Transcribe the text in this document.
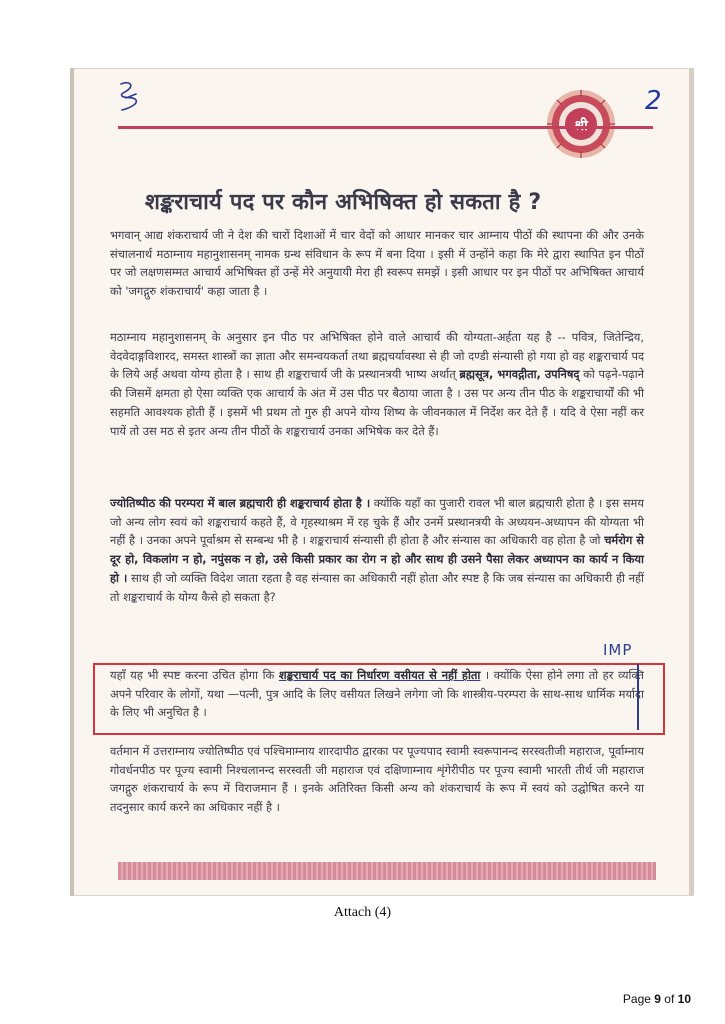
2
शङ्कराचार्य पद पर कौन अभिषिक्त हो सकता है ?
भगवान् आद्य शंकराचार्य जी ने देश की चारों दिशाओं में चार वेदों को आधार मानकर चार आम्नाय पीठों की स्थापना की और उनके संचालनार्थ मठाम्नाय महानुशासनम् नामक ग्रन्थ संविधान के रूप में बना दिया । इसी में उन्होंने कहा कि मेरे द्वारा स्थापित इन पीठों पर जो लक्षणसम्मत आचार्य अभिषिक्त हों उन्हें मेरे अनुयायी मेरा ही स्वरूप समझें । इसी आधार पर इन पीठों पर अभिषिक्त आचार्य को 'जगद्गुरु शंकराचार्य' कहा जाता है ।
मठाम्नाय महानुशासनम् के अनुसार इन पीठ पर अभिषिक्त होने वाले आचार्य की योग्यता-अर्हता यह है -- पवित्र, जितेन्द्रिय, वेदवेदाङ्गविशारद, समस्त शास्त्रों का ज्ञाता और समन्वयकर्ता तथा ब्रह्मचर्यावस्था से ही जो दण्डी संन्यासी हो गया हो वह शङ्कराचार्य पद के लिये अर्ह अथवा योग्य होता है । साथ ही शङ्कराचार्य जी के प्रस्थानत्रयी भाष्य अर्थात् ब्रह्मसूत्र, भगवद्गीता, उपनिषद् को पढ़ने-पढ़ाने की जिसमें क्षमता हो ऐसा व्यक्ति एक आचार्य के अंत में उस पीठ पर बैठाया जाता है । उस पर अन्य तीन पीठ के शङ्कराचार्यों की भी सहमति आवश्यक होती हैं । इसमें भी प्रथम तो गुरु ही अपने योग्य शिष्य के जीवनकाल में निर्देश कर देते हैं । यदि वे ऐसा नहीं कर पायें तो उस मठ से इतर अन्य तीन पीठों के शङ्कराचार्य उनका अभिषेक कर देते हैं।
ज्योतिष्पीठ की परम्परा में बाल ब्रह्मचारी ही शङ्कराचार्य होता है । क्योंकि यहाँ का पुजारी रावल भी बाल ब्रह्मचारी होता है । इस समय जो अन्य लोग स्वयं को शङ्कराचार्य कहते हैं, वे गृहस्थाश्रम में रह चुके हैं और उनमें प्रस्थानत्रयी के अध्ययन-अध्यापन की योग्यता भी नहीं है । उनका अपने पूर्वाश्रम से सम्बन्ध भी है । शङ्कराचार्य संन्यासी ही होता है और संन्यास का अधिकारी वह होता है जो चर्मरोग से दूर हो, विकलांग न हो, नपुंसक न हो, उसे किसी प्रकार का रोग न हो और साथ ही उसने पैसा लेकर अध्यापन का कार्य न किया हो । साथ ही जो व्यक्ति विदेश जाता रहता है वह संन्यास का अधिकारी नहीं होता और स्पष्ट है कि जब संन्यास का अधिकारी ही नहीं तो शङ्कराचार्य के योग्य कैसे हो सकता है?
IMP
यहाँ यह भी स्पष्ट करना उचित होगा कि शङ्कराचार्य पद का निर्धारण वसीयत से नहीं होता । क्योंकि ऐसा होने लगा तो हर व्यक्ति अपने परिवार के लोगों, यथा —पत्नी, पुत्र आदि के लिए वसीयत लिखने लगेगा जो कि शास्त्रीय-परम्परा के साथ-साथ धार्मिक मर्यादा के लिए भी अनुचित है ।
वर्तमान में उत्तराम्नाय ज्योतिष्पीठ एवं पश्चिमाम्नाय शारदापीठ द्वारका पर पूज्यपाद स्वामी स्वरूपानन्द सरस्वतीजी महाराज, पूर्वाम्नाय गोवर्धनपीठ पर पूज्य स्वामी निश्चलानन्द सरस्वती जी महाराज एवं दक्षिणाम्नाय शृंगेरीपीठ पर पूज्य स्वामी भारती तीर्थ जी महाराज जगद्गुरु शंकराचार्य के रूप में विराजमान हैं । इनके अतिरिक्त किसी अन्य को शंकराचार्य के रूप में स्वयं को उद्घोषित करने या तदनुसार कार्य करने का अधिकार नहीं है ।
Attach (4)
Page 9 of 10
